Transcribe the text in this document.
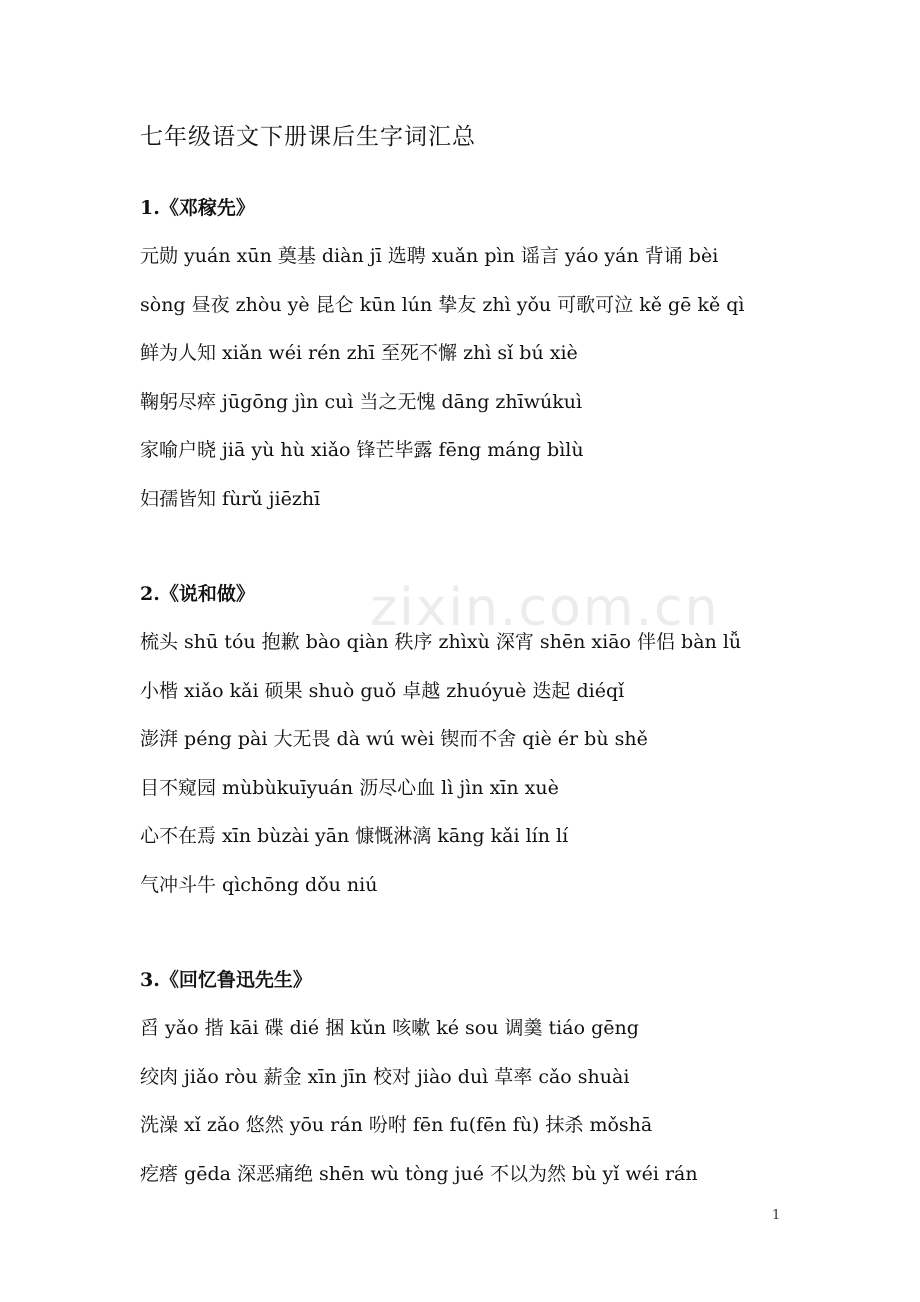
zixin.com.cn
七年级语文下册课后生字词汇总
1.《邓稼先》
元勋 yuán xūn 奠基 diàn jī 选聘 xuǎn pìn 谣言 yáo yán 背诵 bèi
sòng 昼夜 zhòu yè 昆仑 kūn lún 挚友 zhì yǒu 可歌可泣 kě gē kě qì
鲜为人知 xiǎn wéi rén zhī 至死不懈 zhì sǐ bú xiè
鞠躬尽瘁 jūgōng jìn cuì 当之无愧 dāng zhīwúkuì
家喻户晓 jiā yù hù xiǎo 锋芒毕露 fēng máng bìlù
妇孺皆知 fùrǔ jiēzhī
2.《说和做》
梳头 shū tóu 抱歉 bào qiàn 秩序 zhìxù 深宵 shēn xiāo 伴侣 bàn lǚ
小楷 xiǎo kǎi 硕果 shuò guǒ 卓越 zhuóyuè 迭起 diéqǐ
澎湃 péng pài 大无畏 dà wú wèi 锲而不舍 qiè ér bù shě
目不窥园 mùbùkuīyuán 沥尽心血 lì jìn xīn xuè
心不在焉 xīn bùzài yān 慷慨淋漓 kāng kǎi lín lí
气冲斗牛 qìchōng dǒu niú
3.《回忆鲁迅先生》
舀 yǎo 揩 kāi 碟 dié 捆 kǔn 咳嗽 ké sou 调羹 tiáo gēng
绞肉 jiǎo ròu 薪金 xīn jīn 校对 jiào duì 草率 cǎo shuài
洗澡 xǐ zǎo 悠然 yōu rán 吩咐 fēn fu(fēn fù) 抹杀 mǒshā
疙瘩 gēda 深恶痛绝 shēn wù tòng jué 不以为然 bù yǐ wéi rán
1
